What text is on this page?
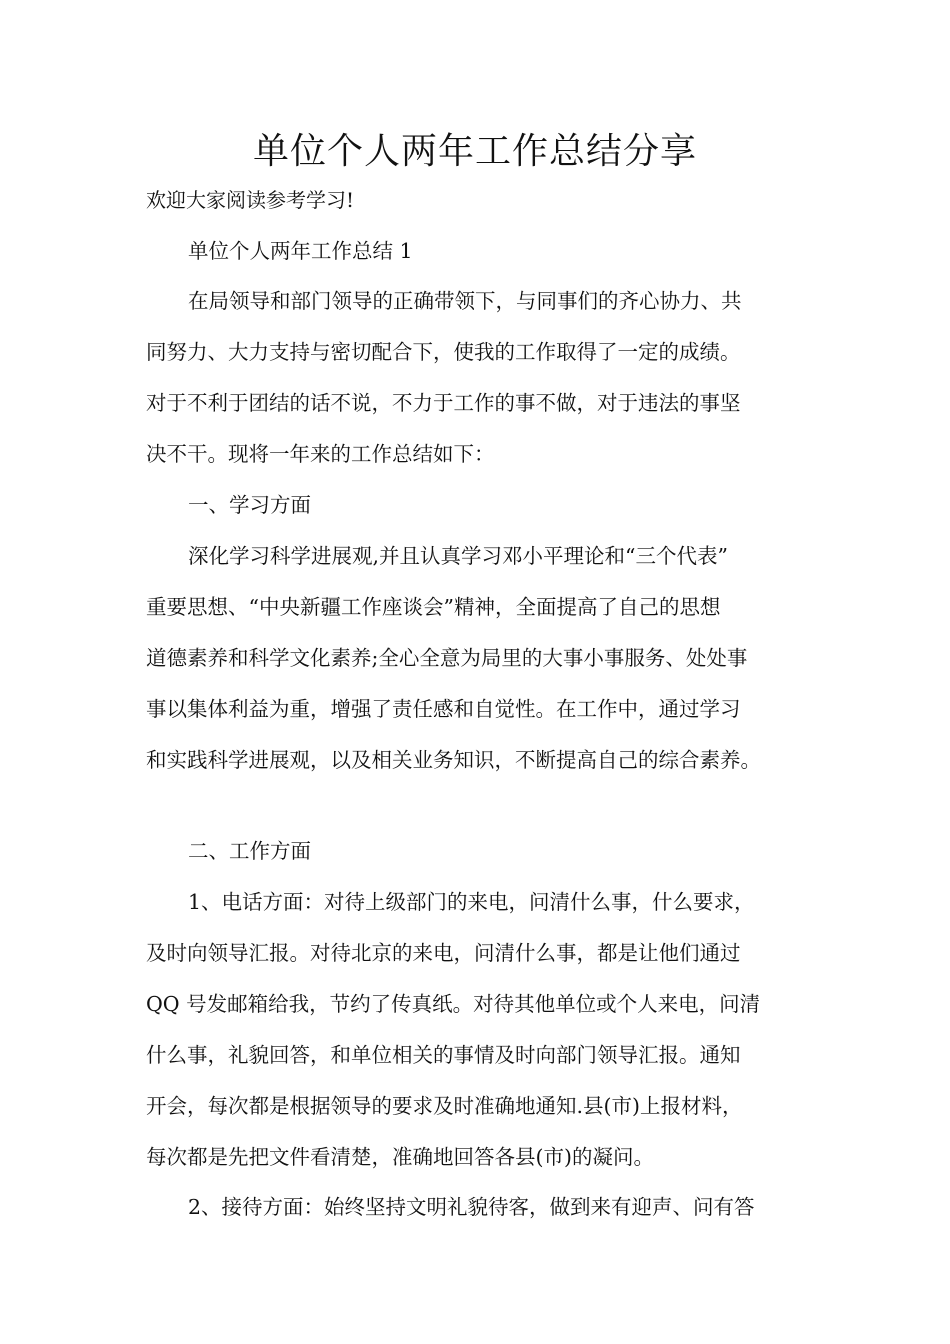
单位个人两年工作总结分享

欢迎大家阅读参考学习!

单位个人两年工作总结 1

在局领导和部门领导的正确带领下，与同事们的齐心协力、共
同努力、大力支持与密切配合下，使我的工作取得了一定的成绩。
对于不利于团结的话不说，不力于工作的事不做，对于违法的事坚
决不干。现将一年来的工作总结如下：

一、学习方面

深化学习科学进展观,并且认真学习邓小平理论和“三个代表”
重要思想、“中央新疆工作座谈会”精神，全面提高了自己的思想
道德素养和科学文化素养;全心全意为局里的大事小事服务、处处事
事以集体利益为重，增强了责任感和自觉性。在工作中，通过学习
和实践科学进展观，以及相关业务知识，不断提高自己的综合素养。

二、工作方面

1、电话方面：对待上级部门的来电，问清什么事，什么要求，
及时向领导汇报。对待北京的来电，问清什么事，都是让他们通过
QQ 号发邮箱给我，节约了传真纸。对待其他单位或个人来电，问清
什么事，礼貌回答，和单位相关的事情及时向部门领导汇报。通知
开会，每次都是根据领导的要求及时准确地通知.县(市)上报材料，
每次都是先把文件看清楚，准确地回答各县(市)的凝问。

2、接待方面：始终坚持文明礼貌待客，做到来有迎声、问有答
